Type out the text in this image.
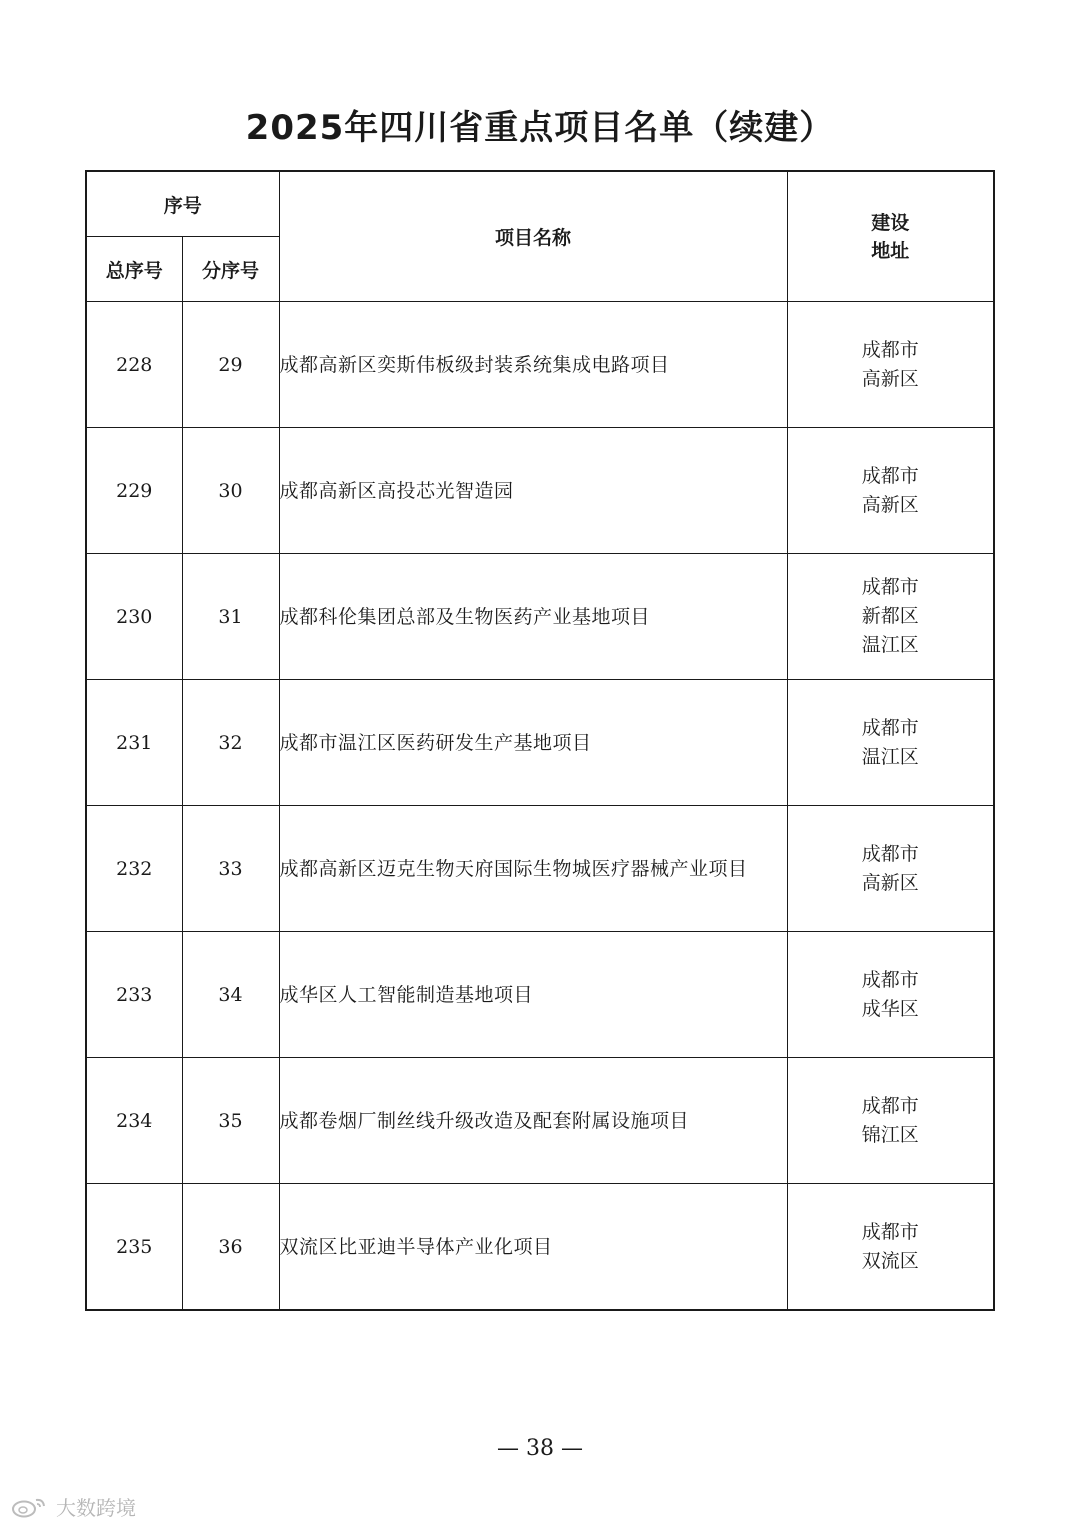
2025年四川省重点项目名单（续建）
序号		项目名称	建设地址
总序号	分序号		
228	29	成都高新区奕斯伟板级封装系统集成电路项目	成都市
高新区

229	30	成都高新区高投芯光智造园	成都市
高新区

230	31	成都科伦集团总部及生物医药产业基地项目	成都市
新都区
温江区

231	32	成都市温江区医药研发生产基地项目	成都市
温江区

232	33	成都高新区迈克生物天府国际生物城医疗器械产业项目	成都市
高新区

233	34	成华区人工智能制造基地项目	成都市
成华区

234	35	成都卷烟厂制丝线升级改造及配套附属设施项目	成都市
锦江区

235	36	双流区比亚迪半导体产业化项目	成都市
双流区
— 38 —
大数跨境
